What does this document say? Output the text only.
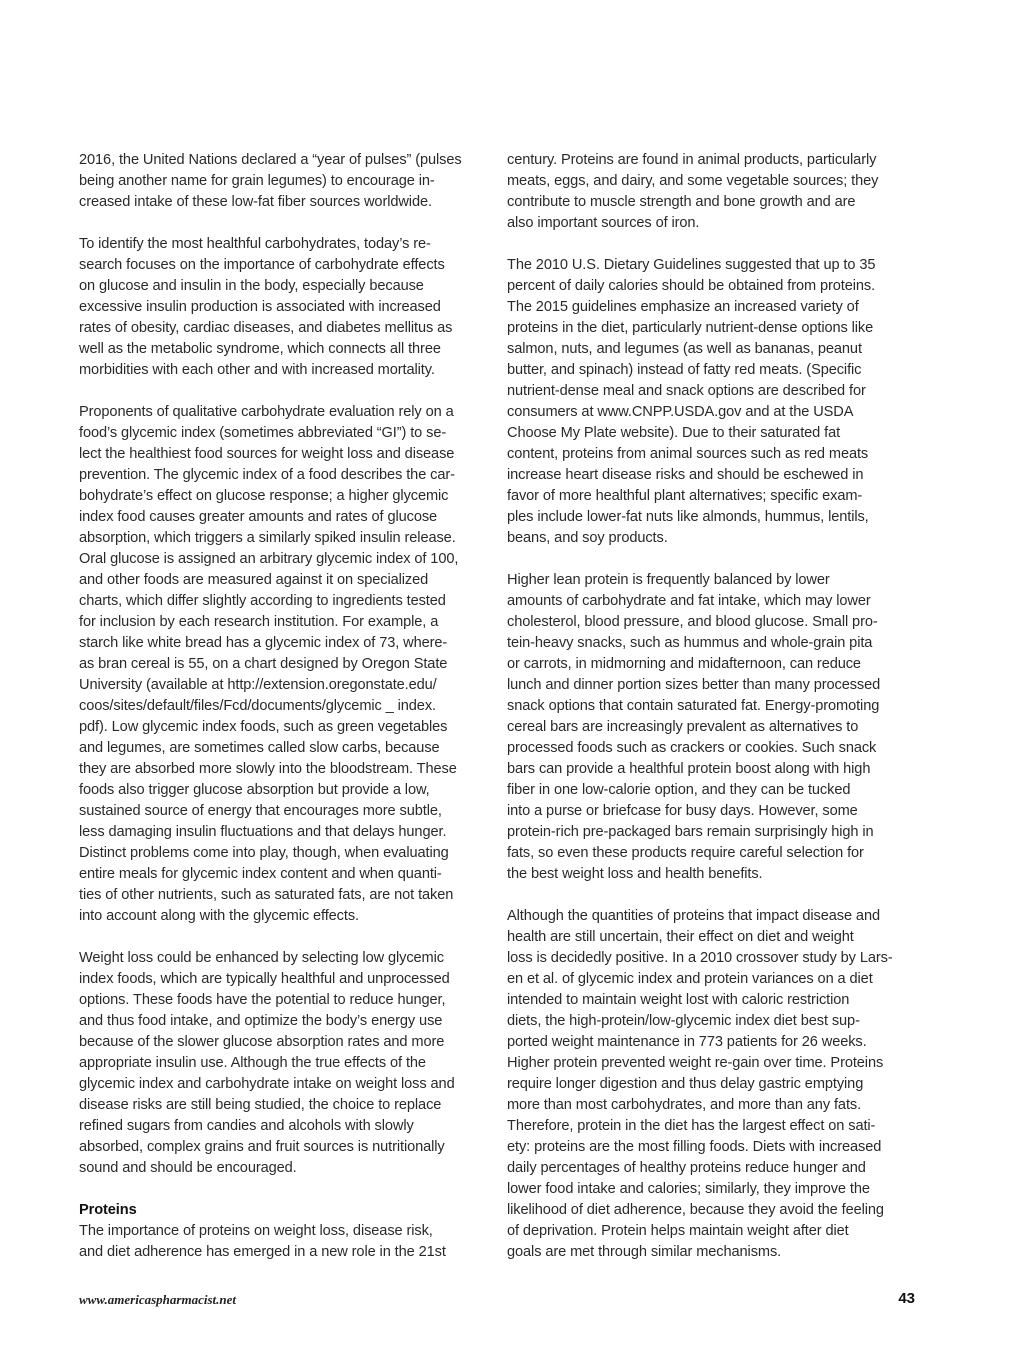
2016, the United Nations declared a “year of pulses” (pulses
being another name for grain legumes) to encourage in-
creased intake of these low-fat fiber sources worldwide.
To identify the most healthful carbohydrates, today’s re-
search focuses on the importance of carbohydrate effects
on glucose and insulin in the body, especially because
excessive insulin production is associated with increased
rates of obesity, cardiac diseases, and diabetes mellitus as
well as the metabolic syndrome, which connects all three
morbidities with each other and with increased mortality.
Proponents of qualitative carbohydrate evaluation rely on a
food’s glycemic index (sometimes abbreviated “GI”) to se-
lect the healthiest food sources for weight loss and disease
prevention. The glycemic index of a food describes the car-
bohydrate’s effect on glucose response; a higher glycemic
index food causes greater amounts and rates of glucose
absorption, which triggers a similarly spiked insulin release.
Oral glucose is assigned an arbitrary glycemic index of 100,
and other foods are measured against it on specialized
charts, which differ slightly according to ingredients tested
for inclusion by each research institution. For example, a
starch like white bread has a glycemic index of 73, where-
as bran cereal is 55, on a chart designed by Oregon State
University (available at http://extension.oregonstate.edu/
coos/sites/default/files/Fcd/documents/glycemic _ index.
pdf). Low glycemic index foods, such as green vegetables
and legumes, are sometimes called slow carbs, because
they are absorbed more slowly into the bloodstream. These
foods also trigger glucose absorption but provide a low,
sustained source of energy that encourages more subtle,
less damaging insulin fluctuations and that delays hunger.
Distinct problems come into play, though, when evaluating
entire meals for glycemic index content and when quanti-
ties of other nutrients, such as saturated fats, are not taken
into account along with the glycemic effects.
Weight loss could be enhanced by selecting low glycemic
index foods, which are typically healthful and unprocessed
options. These foods have the potential to reduce hunger,
and thus food intake, and optimize the body’s energy use
because of the slower glucose absorption rates and more
appropriate insulin use. Although the true effects of the
glycemic index and carbohydrate intake on weight loss and
disease risks are still being studied, the choice to replace
refined sugars from candies and alcohols with slowly
absorbed, complex grains and fruit sources is nutritionally
sound and should be encouraged.
Proteins
The importance of proteins on weight loss, disease risk,
and diet adherence has emerged in a new role in the 21st
century. Proteins are found in animal products, particularly
meats, eggs, and dairy, and some vegetable sources; they
contribute to muscle strength and bone growth and are
also important sources of iron.
The 2010 U.S. Dietary Guidelines suggested that up to 35
percent of daily calories should be obtained from proteins.
The 2015 guidelines emphasize an increased variety of
proteins in the diet, particularly nutrient-dense options like
salmon, nuts, and legumes (as well as bananas, peanut
butter, and spinach) instead of fatty red meats. (Specific
nutrient-dense meal and snack options are described for
consumers at www.CNPP.USDA.gov and at the USDA
Choose My Plate website). Due to their saturated fat
content, proteins from animal sources such as red meats
increase heart disease risks and should be eschewed in
favor of more healthful plant alternatives; specific exam-
ples include lower-fat nuts like almonds, hummus, lentils,
beans, and soy products.
Higher lean protein is frequently balanced by lower
amounts of carbohydrate and fat intake, which may lower
cholesterol, blood pressure, and blood glucose. Small pro-
tein-heavy snacks, such as hummus and whole-grain pita
or carrots, in midmorning and midafternoon, can reduce
lunch and dinner portion sizes better than many processed
snack options that contain saturated fat. Energy-promoting
cereal bars are increasingly prevalent as alternatives to
processed foods such as crackers or cookies. Such snack
bars can provide a healthful protein boost along with high
fiber in one low-calorie option, and they can be tucked
into a purse or briefcase for busy days. However, some
protein-rich pre-packaged bars remain surprisingly high in
fats, so even these products require careful selection for
the best weight loss and health benefits.
Although the quantities of proteins that impact disease and
health are still uncertain, their effect on diet and weight
loss is decidedly positive. In a 2010 crossover study by Lars-
en et al. of glycemic index and protein variances on a diet
intended to maintain weight lost with caloric restriction
diets, the high-protein/low-glycemic index diet best sup-
ported weight maintenance in 773 patients for 26 weeks.
Higher protein prevented weight re-gain over time. Proteins
require longer digestion and thus delay gastric emptying
more than most carbohydrates, and more than any fats.
Therefore, protein in the diet has the largest effect on sati-
ety: proteins are the most filling foods. Diets with increased
daily percentages of healthy proteins reduce hunger and
lower food intake and calories; similarly, they improve the
likelihood of diet adherence, because they avoid the feeling
of deprivation. Protein helps maintain weight after diet
goals are met through similar mechanisms.
www.americaspharmacist.net	43
